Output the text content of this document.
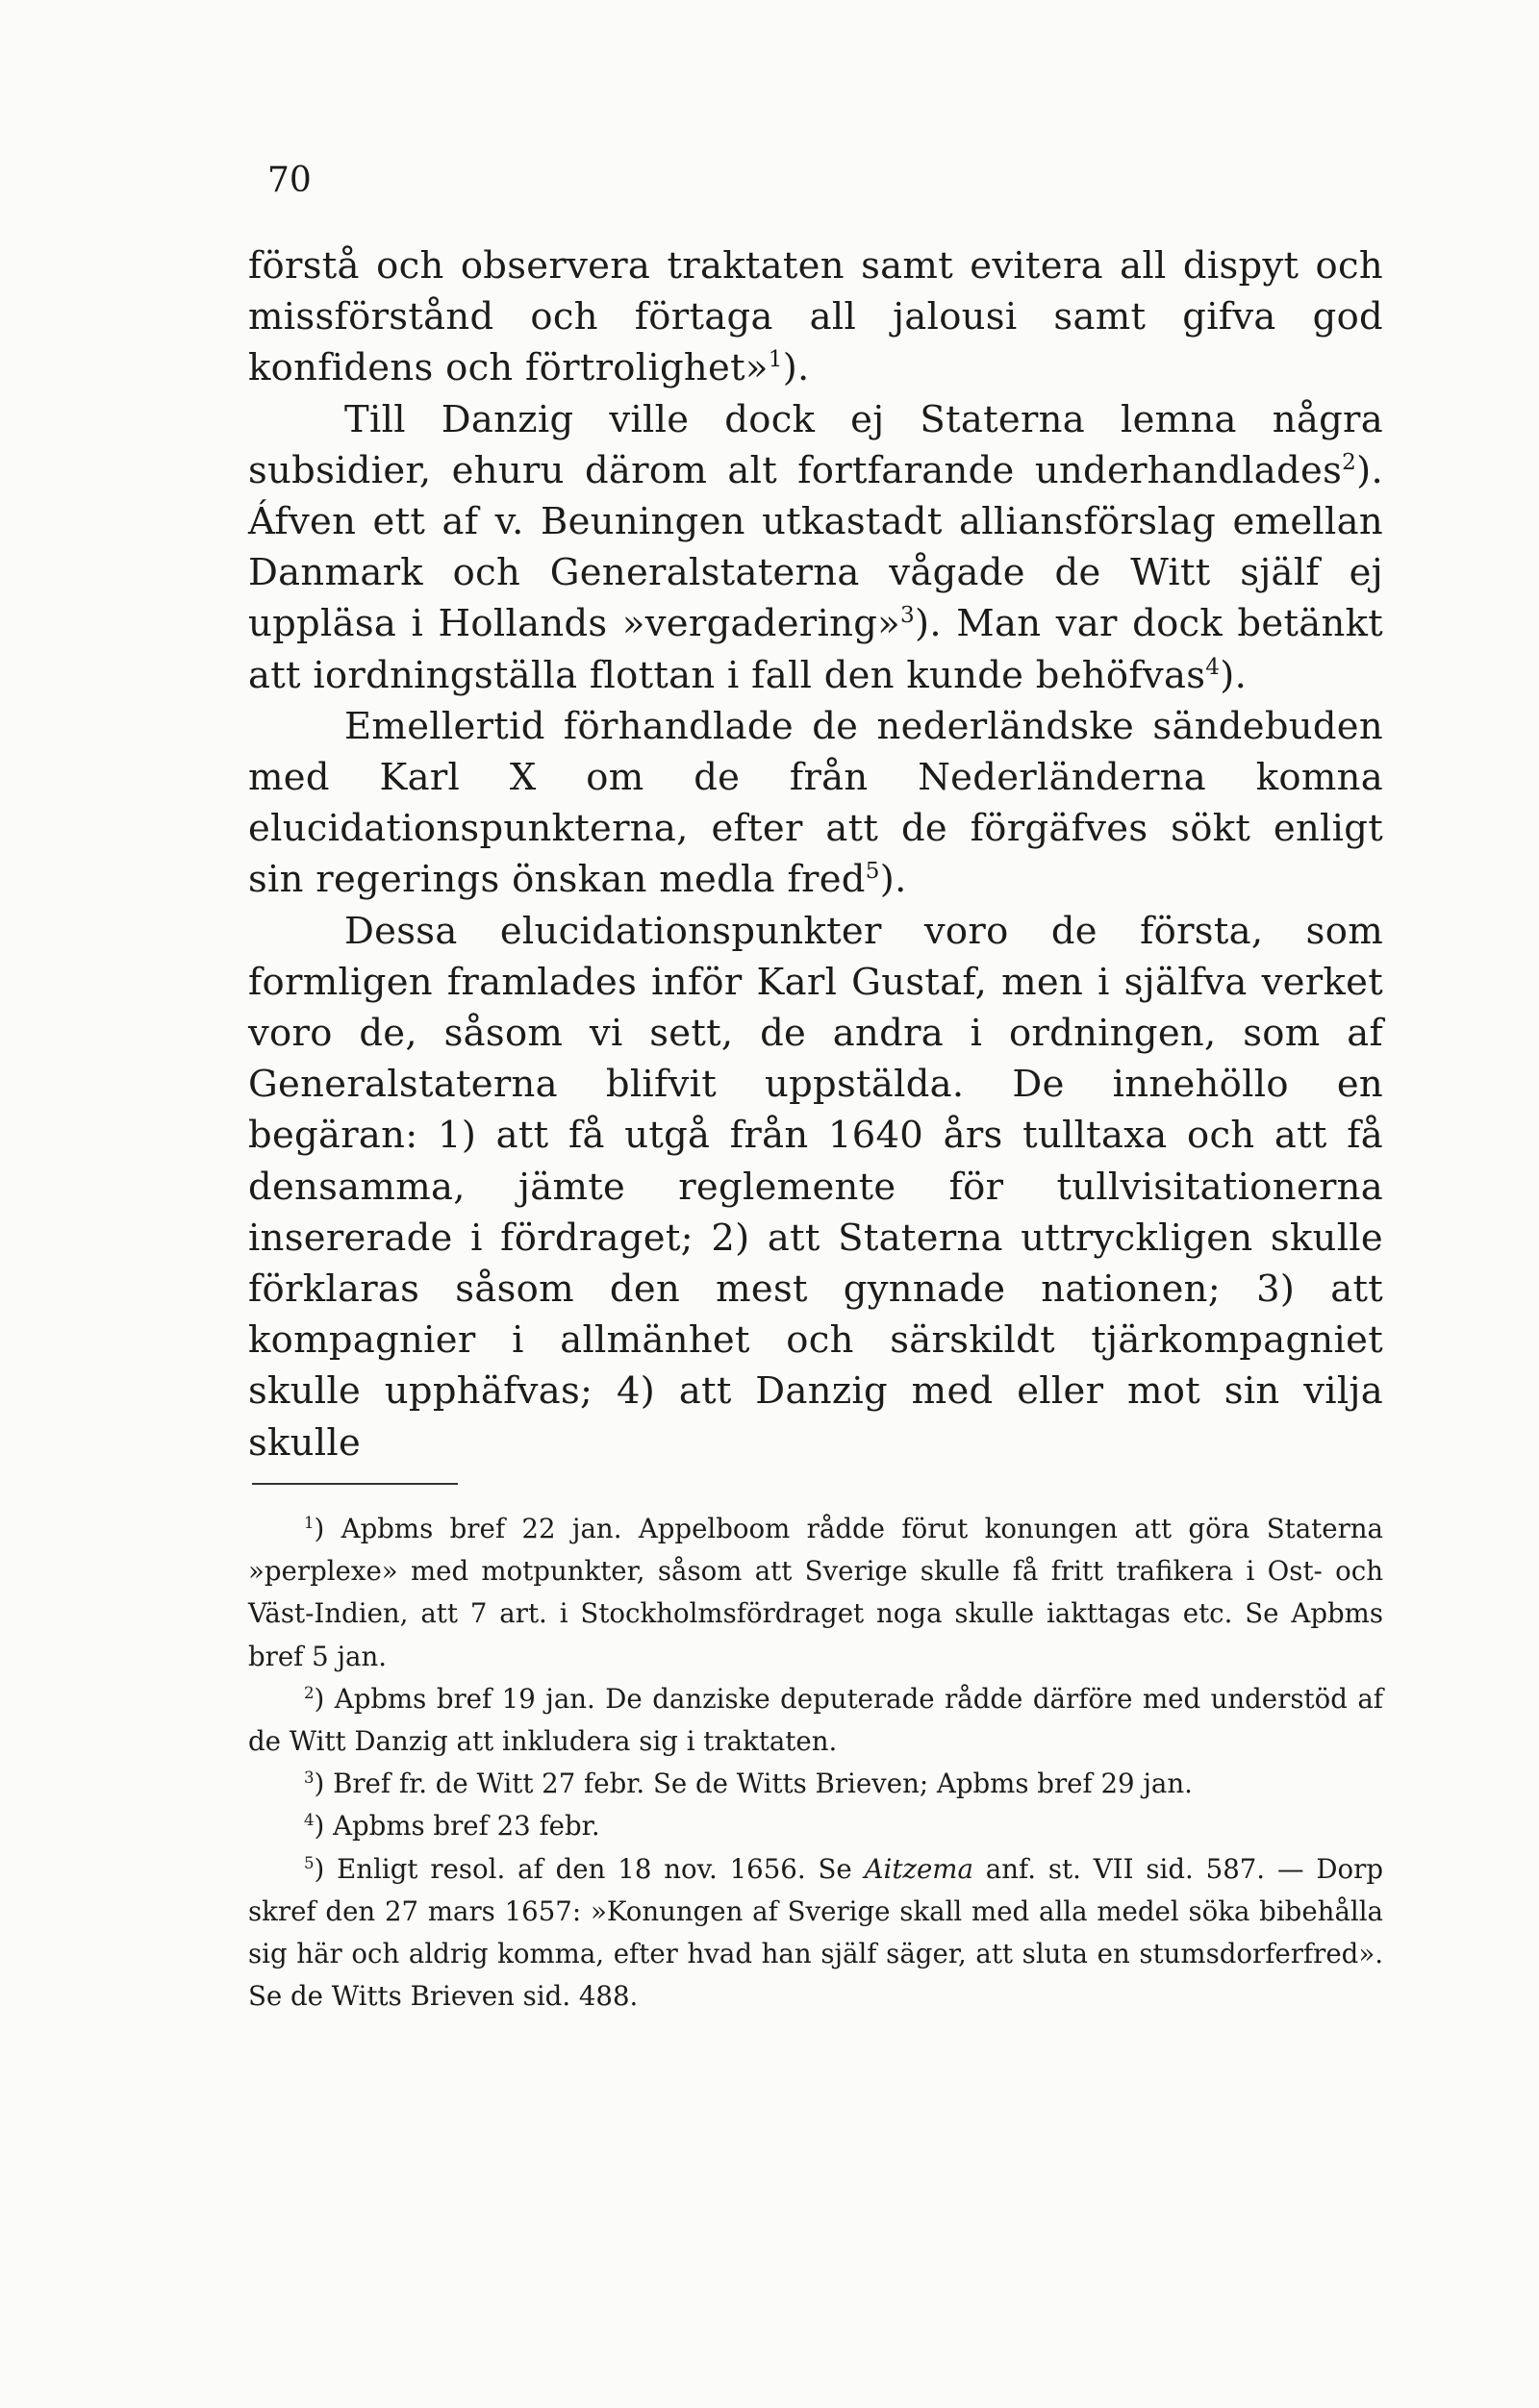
70

förstå och observera traktaten samt evitera all dispyt och missförstånd och förtaga all jalousi samt gifva god konfidens och förtrolighet»$^1$).

Till Danzig ville dock ej Staterna lemna några subsidier, ehuru därom alt fortfarande underhandlades$^2$). Áfven ett af v. Beuningen utkastadt alliansförslag emellan Danmark och Generalstaterna vågade de Witt själf ej uppläsa i Hollands »vergadering»$^3$). Man var dock betänkt att iordningställa flottan i fall den kunde behöfvas$^4$).

Emellertid förhandlade de nederländske sändebuden med Karl X om de från Nederländerna komna elucidationspunkterna, efter att de förgäfves sökt enligt sin regerings önskan medla fred$^5$).

Dessa elucidationspunkter voro de första, som formligen framlades inför Karl Gustaf, men i själfva verket voro de, såsom vi sett, de andra i ordningen, som af Generalstaterna blifvit uppstälda. De innehöllo en begäran: 1) att få utgå från 1640 års tulltaxa och att få densamma, jämte reglemente för tullvisitationerna insererade i fördraget; 2) att Staterna uttryckligen skulle förklaras såsom den mest gynnade nationen; 3) att kompagnier i allmänhet och särskildt tjärkompagniet skulle upphäfvas; 4) att Danzig med eller mot sin vilja skulle

$^1$) Apbms bref 22 jan. Appelboom rådde förut konungen att göra Staterna »perplexe» med motpunkter, såsom att Sverige skulle få fritt trafikera i Ost- och Väst-Indien, att 7 art. i Stockholmsfördraget noga skulle iakttagas etc. Se Apbms bref 5 jan.

$^2$) Apbms bref 19 jan. De danziske deputerade rådde därföre med understöd af de Witt Danzig att inkludera sig i traktaten.

$^3$) Bref fr. de Witt 27 febr. Se de Witts Brieven; Apbms bref 29 jan.

$^4$) Apbms bref 23 febr.

$^5$) Enligt resol. af den 18 nov. 1656. Se Aitzema anf. st. VII sid. 587. — Dorp skref den 27 mars 1657: »Konungen af Sverige skall med alla medel söka bibehålla sig här och aldrig komma, efter hvad han själf säger, att sluta en stumsdorferfred». Se de Witts Brieven sid. 488.
